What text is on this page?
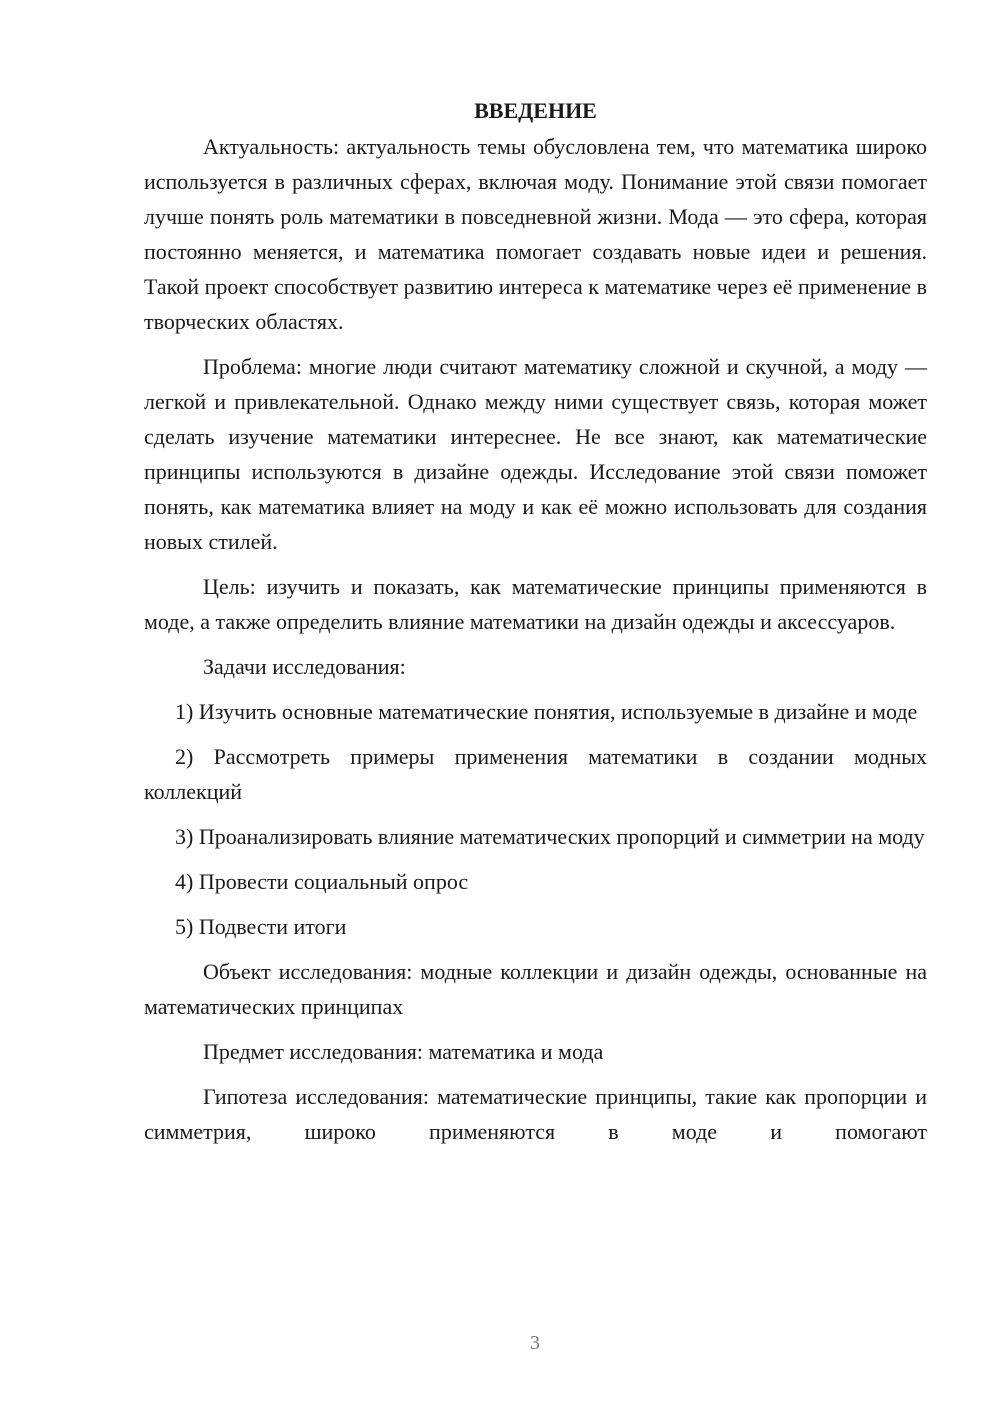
ВВЕДЕНИЕ

Актуальность: актуальность темы обусловлена тем, что математика широко используется в различных сферах, включая моду. Понимание этой связи помогает лучше понять роль математики в повседневной жизни. Мода — это сфера, которая постоянно меняется, и математика помогает создавать новые идеи и решения. Такой проект способствует развитию интереса к математике через её применение в творческих областях.

Проблема: многие люди считают математику сложной и скучной, а моду — легкой и привлекательной. Однако между ними существует связь, которая может сделать изучение математики интереснее. Не все знают, как математические принципы используются в дизайне одежды. Исследование этой связи поможет понять, как математика влияет на моду и как её можно использовать для создания новых стилей.

Цель: изучить и показать, как математические принципы применяются в моде, а также определить влияние математики на дизайн одежды и аксессуаров.

Задачи исследования:

1) Изучить основные математические понятия, используемые в дизайне и моде

2) Рассмотреть примеры применения математики в создании модных коллекций

3) Проанализировать влияние математических пропорций и симметрии на моду

4) Провести социальный опрос

5) Подвести итоги

Объект исследования: модные коллекции и дизайн одежды, основанные на математических принципах

Предмет исследования: математика и мода

Гипотеза исследования: математические принципы, такие как пропорции и симметрия, широко применяются в моде и помогают

3
